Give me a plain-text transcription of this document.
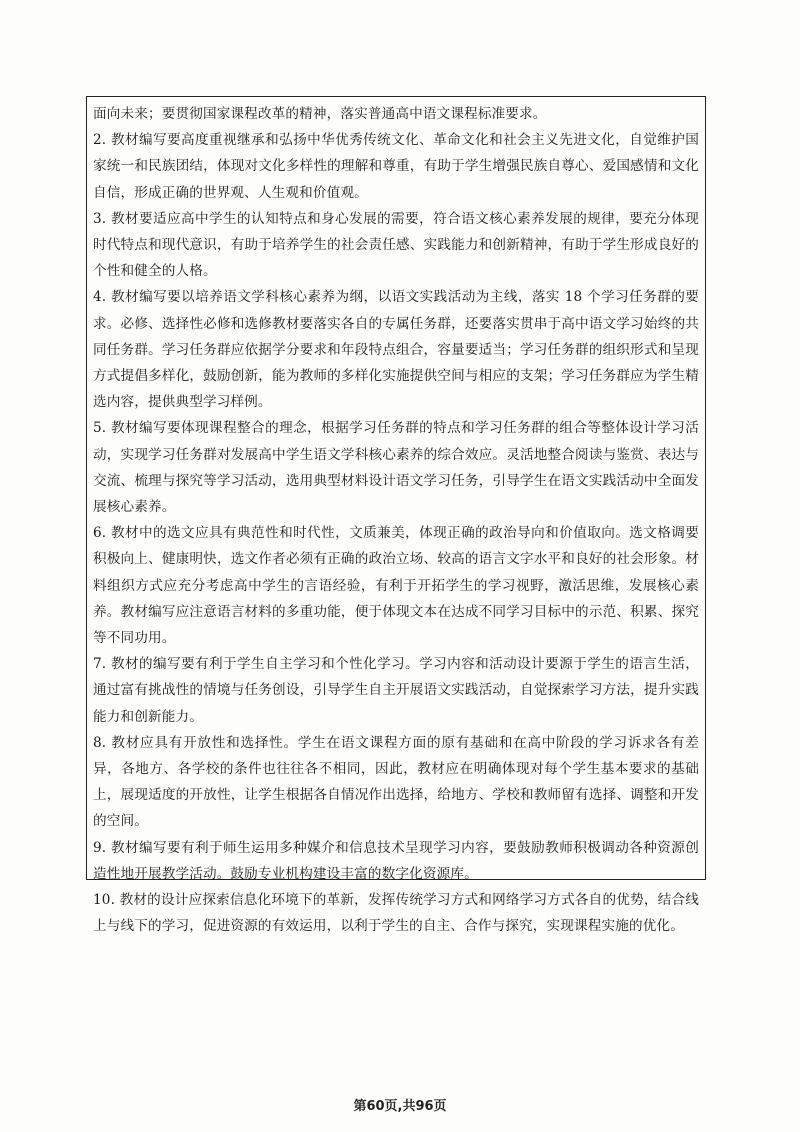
面向未来；要贯彻国家课程改革的精神，落实普通高中语文课程标准要求。

2. 教材编写要高度重视继承和弘扬中华优秀传统文化、革命文化和社会主义先进文化，自觉维护国家统一和民族团结，体现对文化多样性的理解和尊重，有助于学生增强民族自尊心、爱国感情和文化自信，形成正确的世界观、人生观和价值观。

3. 教材要适应高中学生的认知特点和身心发展的需要，符合语文核心素养发展的规律，要充分体现时代特点和现代意识，有助于培养学生的社会责任感、实践能力和创新精神，有助于学生形成良好的个性和健全的人格。

4. 教材编写要以培养语文学科核心素养为纲，以语文实践活动为主线，落实 18 个学习任务群的要求。必修、选择性必修和选修教材要落实各自的专属任务群，还要落实贯串于高中语文学习始终的共同任务群。学习任务群应依据学分要求和年段特点组合，容量要适当；学习任务群的组织形式和呈现方式提倡多样化，鼓励创新，能为教师的多样化实施提供空间与相应的支架；学习任务群应为学生精选内容，提供典型学习样例。

5. 教材编写要体现课程整合的理念，根据学习任务群的特点和学习任务群的组合等整体设计学习活动，实现学习任务群对发展高中学生语文学科核心素养的综合效应。灵活地整合阅读与鉴赏、表达与交流、梳理与探究等学习活动，选用典型材料设计语文学习任务，引导学生在语文实践活动中全面发展核心素养。

6. 教材中的选文应具有典范性和时代性，文质兼美，体现正确的政治导向和价值取向。选文格调要积极向上、健康明快，选文作者必须有正确的政治立场、较高的语言文字水平和良好的社会形象。材料组织方式应充分考虑高中学生的言语经验，有利于开拓学生的学习视野，激活思维，发展核心素养。教材编写应注意语言材料的多重功能，便于体现文本在达成不同学习目标中的示范、积累、探究等不同功用。

7. 教材的编写要有利于学生自主学习和个性化学习。学习内容和活动设计要源于学生的语言生活，通过富有挑战性的情境与任务创设，引导学生自主开展语文实践活动，自觉探索学习方法，提升实践能力和创新能力。

8. 教材应具有开放性和选择性。学生在语文课程方面的原有基础和在高中阶段的学习诉求各有差异，各地方、各学校的条件也往往各不相同，因此，教材应在明确体现对每个学生基本要求的基础上，展现适度的开放性，让学生根据各自情况作出选择，给地方、学校和教师留有选择、调整和开发的空间。

9. 教材编写要有利于师生运用多种媒介和信息技术呈现学习内容，要鼓励教师积极调动各种资源创造性地开展教学活动。鼓励专业机构建设丰富的数字化资源库。

10. 教材的设计应探索信息化环境下的革新，发挥传统学习方式和网络学习方式各自的优势，结合线上与线下的学习，促进资源的有效运用，以利于学生的自主、合作与探究，实现课程实施的优化。

第60页,共96页
